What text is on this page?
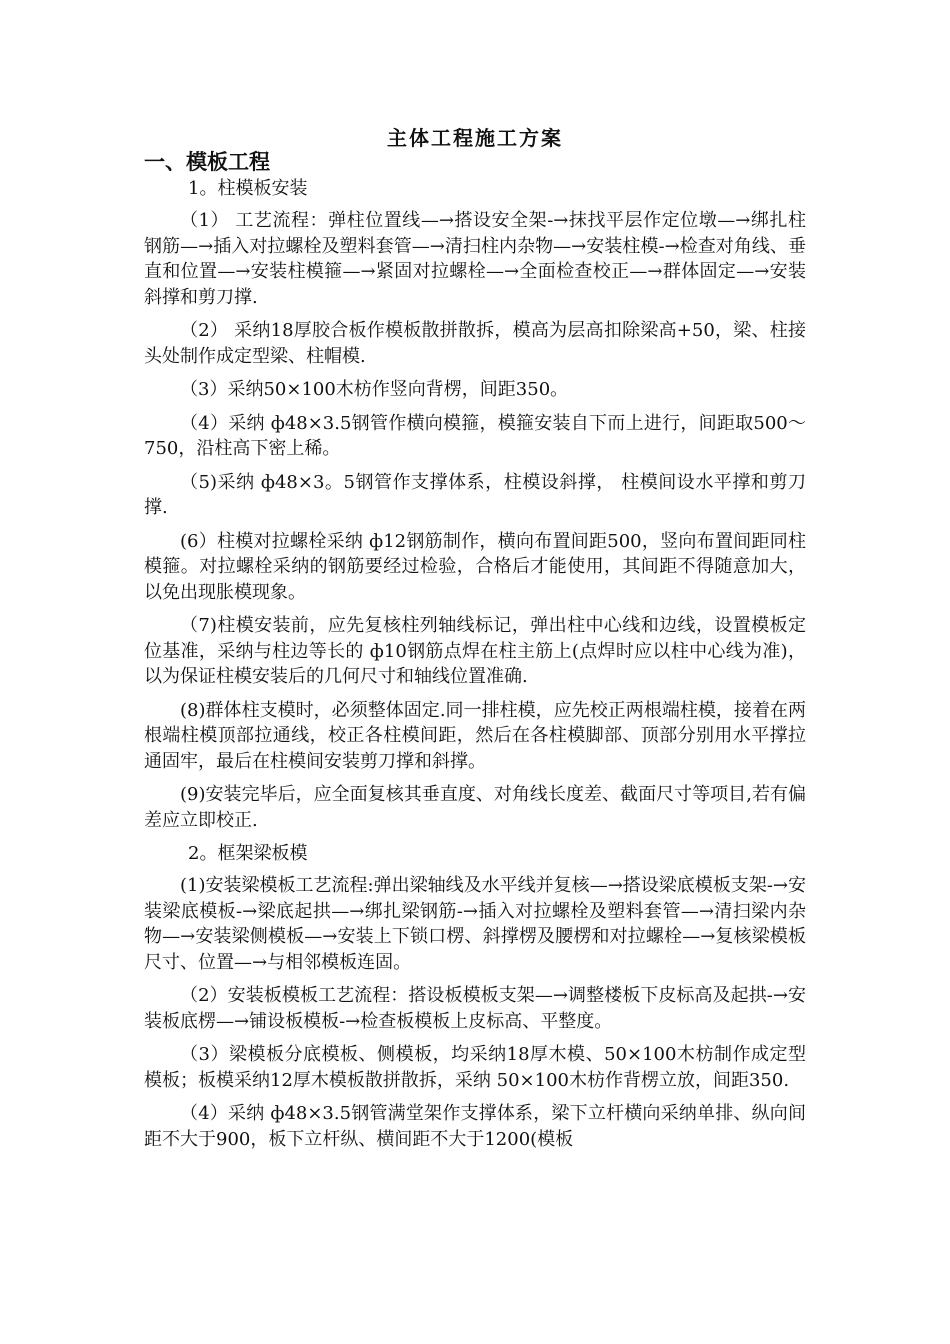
主体工程施工方案
一、模板工程
1。柱模板安装

（1） 工艺流程：弹柱位置线—→搭设安全架-→抹找平层作定位墩—→绑扎柱钢筋—→插入对拉螺栓及塑料套管—→清扫柱内杂物—→安装柱模-→检查对角线、垂直和位置—→安装柱模箍—→紧固对拉螺栓—→全面检查校正—→群体固定—→安装斜撑和剪刀撑.

（2） 采纳18厚胶合板作模板散拼散拆，模高为层高扣除梁高+50，梁、柱接头处制作成定型梁、柱帽模.

（3）采纳50×100木枋作竖向背楞，间距350。

（4）采纳 ф48×3.5钢管作横向模箍，模箍安装自下而上进行，间距取500～750，沿柱高下密上稀。

（5)采纳 ф48×3。5钢管作支撑体系，柱模设斜撑， 柱模间设水平撑和剪刀撑.

(6）柱模对拉螺栓采纳 ф12钢筋制作，横向布置间距500，竖向布置间距同柱模箍。对拉螺栓采纳的钢筋要经过检验，合格后才能使用，其间距不得随意加大，以免出现胀模现象。

（7)柱模安装前，应先复核柱列轴线标记，弹出柱中心线和边线，设置模板定位基准，采纳与柱边等长的 ф10钢筋点焊在柱主筋上(点焊时应以柱中心线为准)，以为保证柱模安装后的几何尺寸和轴线位置准确.

(8)群体柱支模时，必须整体固定.同一排柱模，应先校正两根端柱模，接着在两根端柱模顶部拉通线，校正各柱模间距，然后在各柱模脚部、顶部分别用水平撑拉通固牢，最后在柱模间安装剪刀撑和斜撑。

(9)安装完毕后，应全面复核其垂直度、对角线长度差、截面尺寸等项目,若有偏差应立即校正.

2。框架梁板模

(1)安装梁模板工艺流程:弹出梁轴线及水平线并复核—→搭设梁底模板支架-→安装梁底模板-→梁底起拱—→绑扎梁钢筋-→插入对拉螺栓及塑料套管—→清扫梁内杂物—→安装梁侧模板—→安装上下锁口楞、斜撑楞及腰楞和对拉螺栓—→复核梁模板尺寸、位置—→与相邻模板连固。

（2）安装板模板工艺流程：搭设板模板支架—→调整楼板下皮标高及起拱-→安装板底楞—→铺设板模板-→检查板模板上皮标高、平整度。

（3）梁模板分底模板、侧模板，均采纳18厚木模、50×100木枋制作成定型模板；板模采纳12厚木模板散拼散拆，采纳 50×100木枋作背楞立放，间距350.

（4）采纳 ф48×3.5钢管满堂架作支撑体系，梁下立杆横向采纳单排、纵向间距不大于900，板下立杆纵、横间距不大于1200(模板
